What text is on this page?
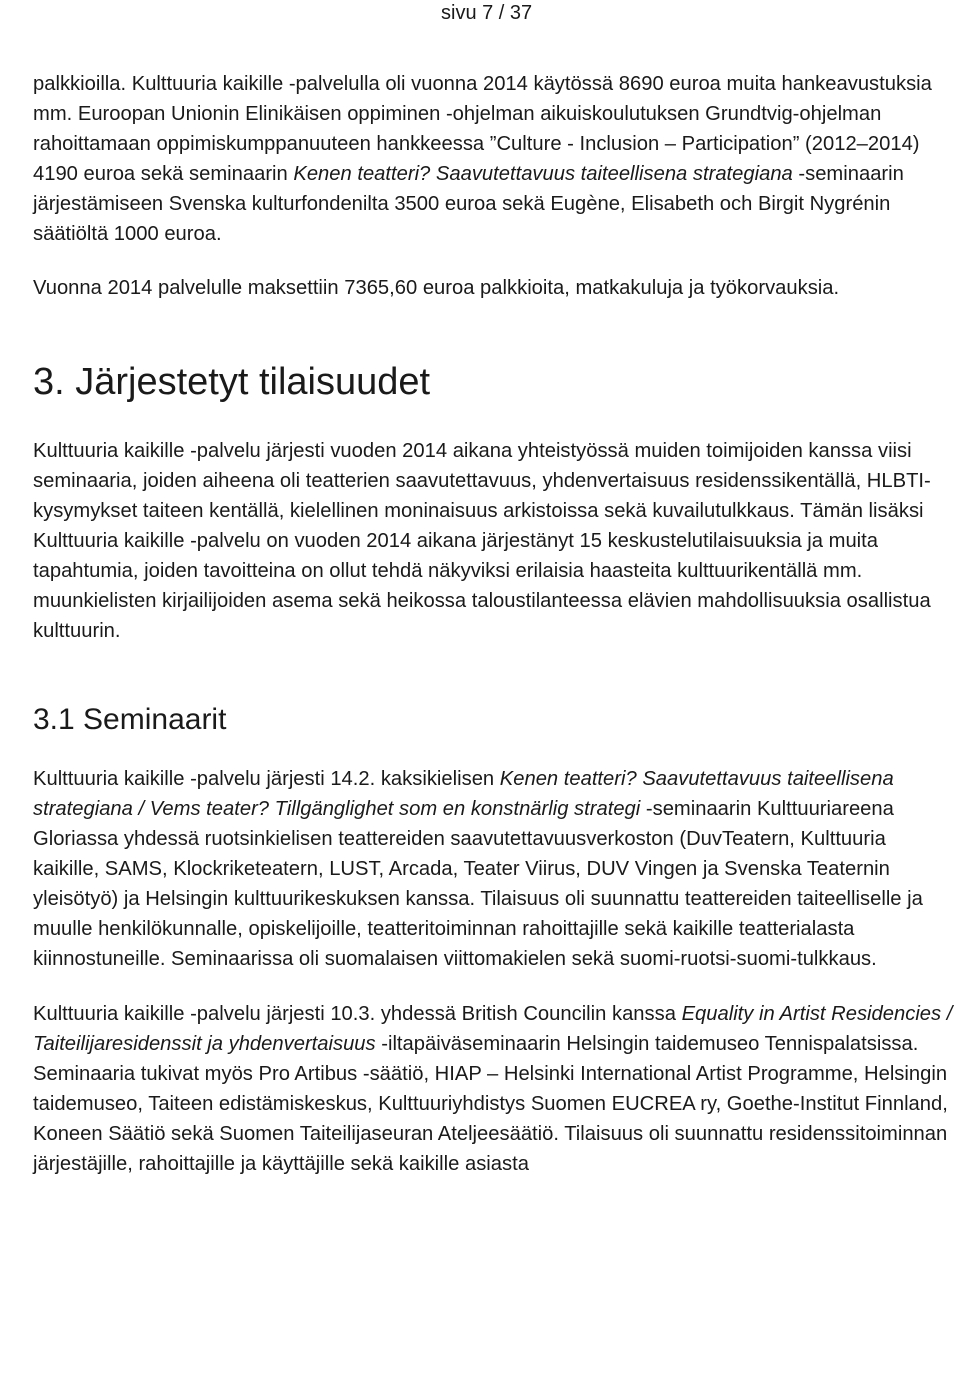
sivu 7 / 37

palkkioilla. Kulttuuria kaikille -palvelulla oli vuonna 2014 käytössä 8690 euroa muita hankeavustuksia mm. Euroopan Unionin Elinikäisen oppiminen -ohjelman aikuiskoulutuksen Grundtvig-ohjelman rahoittamaan oppimiskumppanuuteen hankkeessa ”Culture - Inclusion – Participation” (2012–2014) 4190 euroa sekä seminaarin Kenen teatteri? Saavutettavuus taiteellisena strategiana -seminaarin järjestämiseen Svenska kulturfondenilta 3500 euroa sekä Eugène, Elisabeth och Birgit Nygrénin säätiöltä 1000 euroa.

Vuonna 2014 palvelulle maksettiin 7365,60 euroa palkkioita, matkakuluja ja työkorvauksia.

3. Järjestetyt tilaisuudet

Kulttuuria kaikille -palvelu järjesti vuoden 2014 aikana yhteistyössä muiden toimijoiden kanssa viisi seminaaria, joiden aiheena oli teatterien saavutettavuus, yhdenvertaisuus residenssikentällä, HLBTI-kysymykset taiteen kentällä, kielellinen moninaisuus arkistoissa sekä kuvailutulkkaus. Tämän lisäksi Kulttuuria kaikille -palvelu on vuoden 2014 aikana järjestänyt 15 keskustelutilaisuuksia ja muita tapahtumia, joiden tavoitteina on ollut tehdä näkyviksi erilaisia haasteita kulttuurikentällä mm. muunkielisten kirjailijoiden asema sekä heikossa taloustilanteessa elävien mahdollisuuksia osallistua kulttuurin.

3.1 Seminaarit

Kulttuuria kaikille -palvelu järjesti 14.2. kaksikielisen Kenen teatteri? Saavutettavuus taiteellisena strategiana / Vems teater? Tillgänglighet som en konstnärlig strategi -seminaarin Kulttuuriareena Gloriassa yhdessä ruotsinkielisen teattereiden saavutettavuusverkoston (DuvTeatern, Kulttuuria kaikille, SAMS, Klockriketeatern, LUST, Arcada, Teater Viirus, DUV Vingen ja Svenska Teaternin yleisötyö) ja Helsingin kulttuurikeskuksen kanssa. Tilaisuus oli suunnattu teattereiden taiteelliselle ja muulle henkilökunnalle, opiskelijoille, teatteritoiminnan rahoittajille sekä kaikille teatterialasta kiinnostuneille. Seminaarissa oli suomalaisen viittomakielen sekä suomi-ruotsi-suomi-tulkkaus.

Kulttuuria kaikille -palvelu järjesti 10.3. yhdessä British Councilin kanssa Equality in Artist Residencies / Taiteilijaresidenssit ja yhdenvertaisuus -iltapäiväseminaarin Helsingin taidemuseo Tennispalatsissa. Seminaaria tukivat myös Pro Artibus -säätiö, HIAP – Helsinki International Artist Programme, Helsingin taidemuseo, Taiteen edistämiskeskus, Kulttuuriyhdistys Suomen EUCREA ry, Goethe-Institut Finnland, Koneen Säätiö sekä Suomen Taiteilijaseuran Ateljeesäätiö. Tilaisuus oli suunnattu residenssitoiminnan järjestäjille, rahoittajille ja käyttäjille sekä kaikille asiasta
